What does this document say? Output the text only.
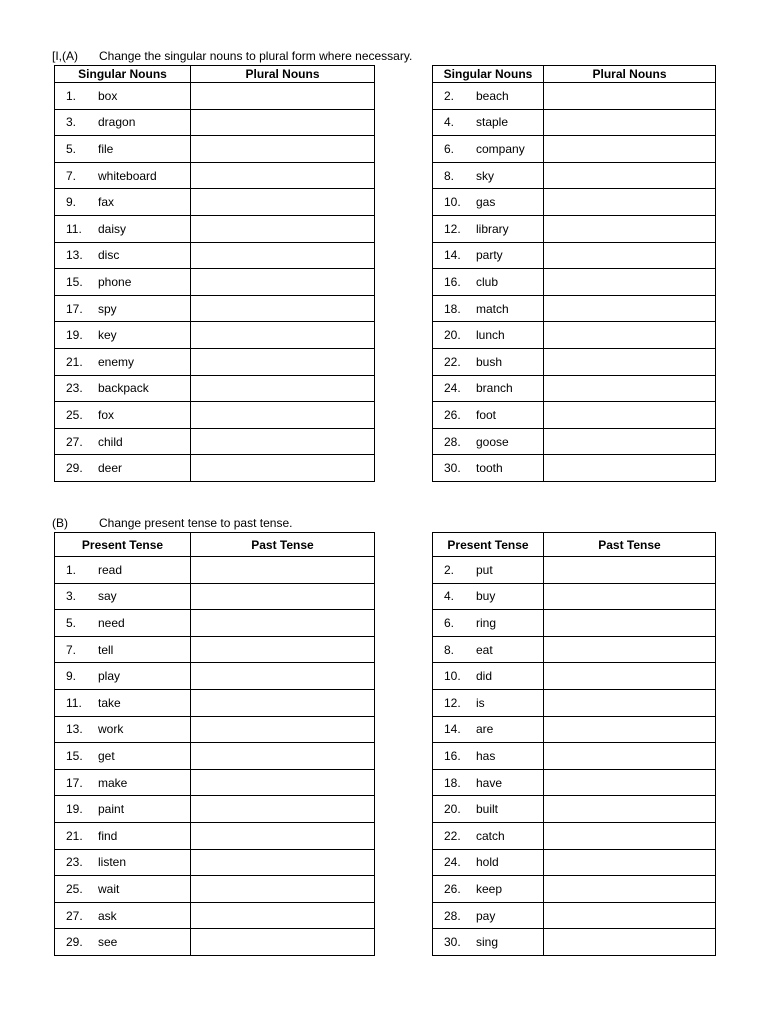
[I,(A) Change the singular nouns to plural form where necessary.
Singular Nouns	Plural Nouns
1. box	
3. dragon	
5. file	
7. whiteboard	
9. fax	
11. daisy	
13. disc	
15. phone	
17. spy	
19. key	
21. enemy	
23. backpack	
25. fox	
27. child	
29. deer	
Singular Nouns	Plural Nouns
2. beach	
4. staple	
6. company	
8. sky	
10. gas	
12. library	
14. party	
16. club	
18. match	
20. lunch	
22. bush	
24. branch	
26. foot	
28. goose	
30. tooth	
(B)	Change present tense to past tense.
Present Tense	Past Tense
1. read	
3. say	
5. need	
7. tell	
9. play	
11. take	
13. work	
15. get	
17. make	
19. paint	
21. find	
23. listen	
25. wait	
27. ask	
29. see	
Present Tense	Past Tense
2. put	
4. buy	
6. ring	
8. eat	
10. did	
12. is	
14. are	
16. has	
18. have	
20. built	
22. catch	
24. hold	
26. keep	
28. pay	
30. sing	
